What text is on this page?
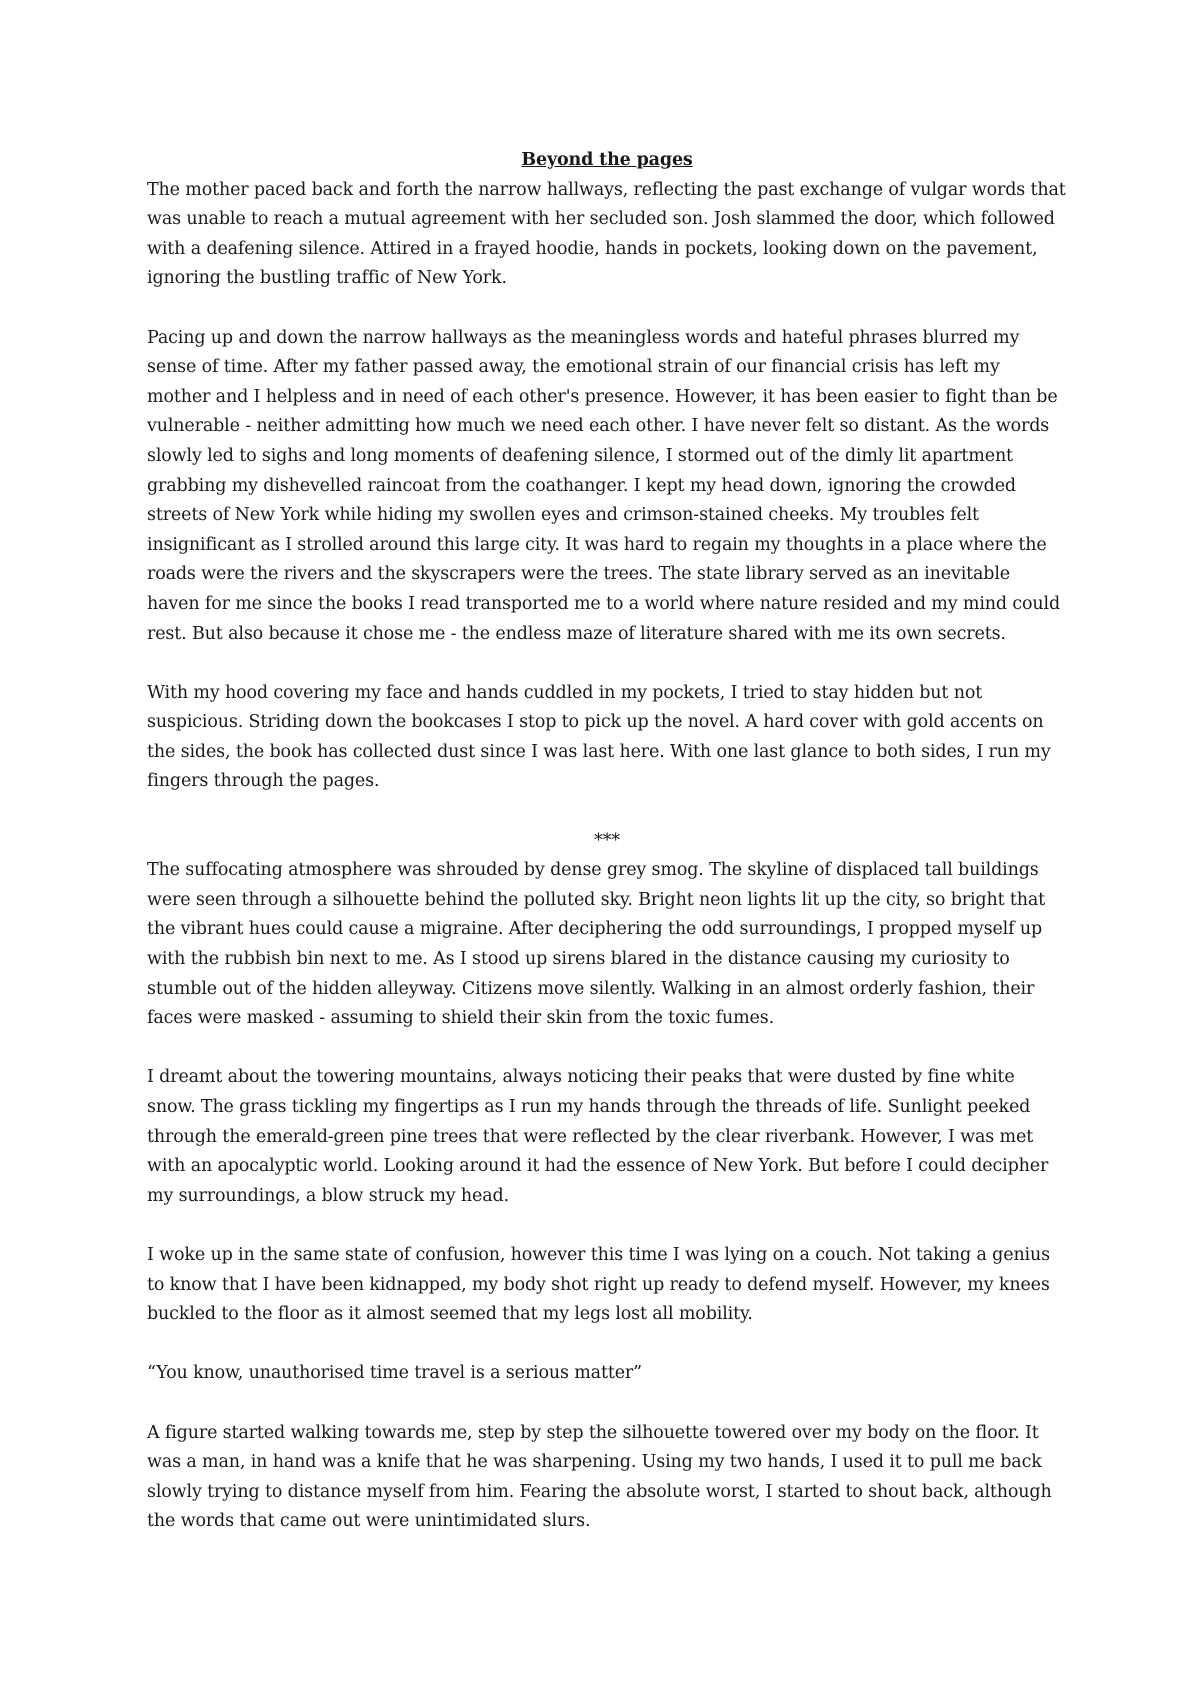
Beyond the pages

The mother paced back and forth the narrow hallways, reflecting the past exchange of vulgar words that was unable to reach a mutual agreement with her secluded son. Josh slammed the door, which followed with a deafening silence. Attired in a frayed hoodie, hands in pockets, looking down on the pavement, ignoring the bustling traffic of New York.

Pacing up and down the narrow hallways as the meaningless words and hateful phrases blurred my sense of time. After my father passed away, the emotional strain of our financial crisis has left my mother and I helpless and in need of each other's presence. However, it has been easier to fight than be vulnerable - neither admitting how much we need each other. I have never felt so distant. As the words slowly led to sighs and long moments of deafening silence, I stormed out of the dimly lit apartment grabbing my dishevelled raincoat from the coathanger. I kept my head down, ignoring the crowded streets of New York while hiding my swollen eyes and crimson-stained cheeks. My troubles felt insignificant as I strolled around this large city. It was hard to regain my thoughts in a place where the roads were the rivers and the skyscrapers were the trees. The state library served as an inevitable haven for me since the books I read transported me to a world where nature resided and my mind could rest. But also because it chose me - the endless maze of literature shared with me its own secrets.

With my hood covering my face and hands cuddled in my pockets, I tried to stay hidden but not suspicious. Striding down the bookcases I stop to pick up the novel. A hard cover with gold accents on the sides, the book has collected dust since I was last here. With one last glance to both sides, I run my fingers through the pages.

***

The suffocating atmosphere was shrouded by dense grey smog. The skyline of displaced tall buildings were seen through a silhouette behind the polluted sky. Bright neon lights lit up the city, so bright that the vibrant hues could cause a migraine. After deciphering the odd surroundings, I propped myself up with the rubbish bin next to me. As I stood up sirens blared in the distance causing my curiosity to stumble out of the hidden alleyway. Citizens move silently. Walking in an almost orderly fashion, their faces were masked - assuming to shield their skin from the toxic fumes.

I dreamt about the towering mountains, always noticing their peaks that were dusted by fine white snow. The grass tickling my fingertips as I run my hands through the threads of life. Sunlight peeked through the emerald-green pine trees that were reflected by the clear riverbank. However, I was met with an apocalyptic world. Looking around it had the essence of New York. But before I could decipher my surroundings, a blow struck my head.

I woke up in the same state of confusion, however this time I was lying on a couch. Not taking a genius to know that I have been kidnapped, my body shot right up ready to defend myself. However, my knees buckled to the floor as it almost seemed that my legs lost all mobility.

“You know, unauthorised time travel is a serious matter”

A figure started walking towards me, step by step the silhouette towered over my body on the floor. It was a man, in hand was a knife that he was sharpening. Using my two hands, I used it to pull me back slowly trying to distance myself from him. Fearing the absolute worst, I started to shout back, although the words that came out were unintimidated slurs.
